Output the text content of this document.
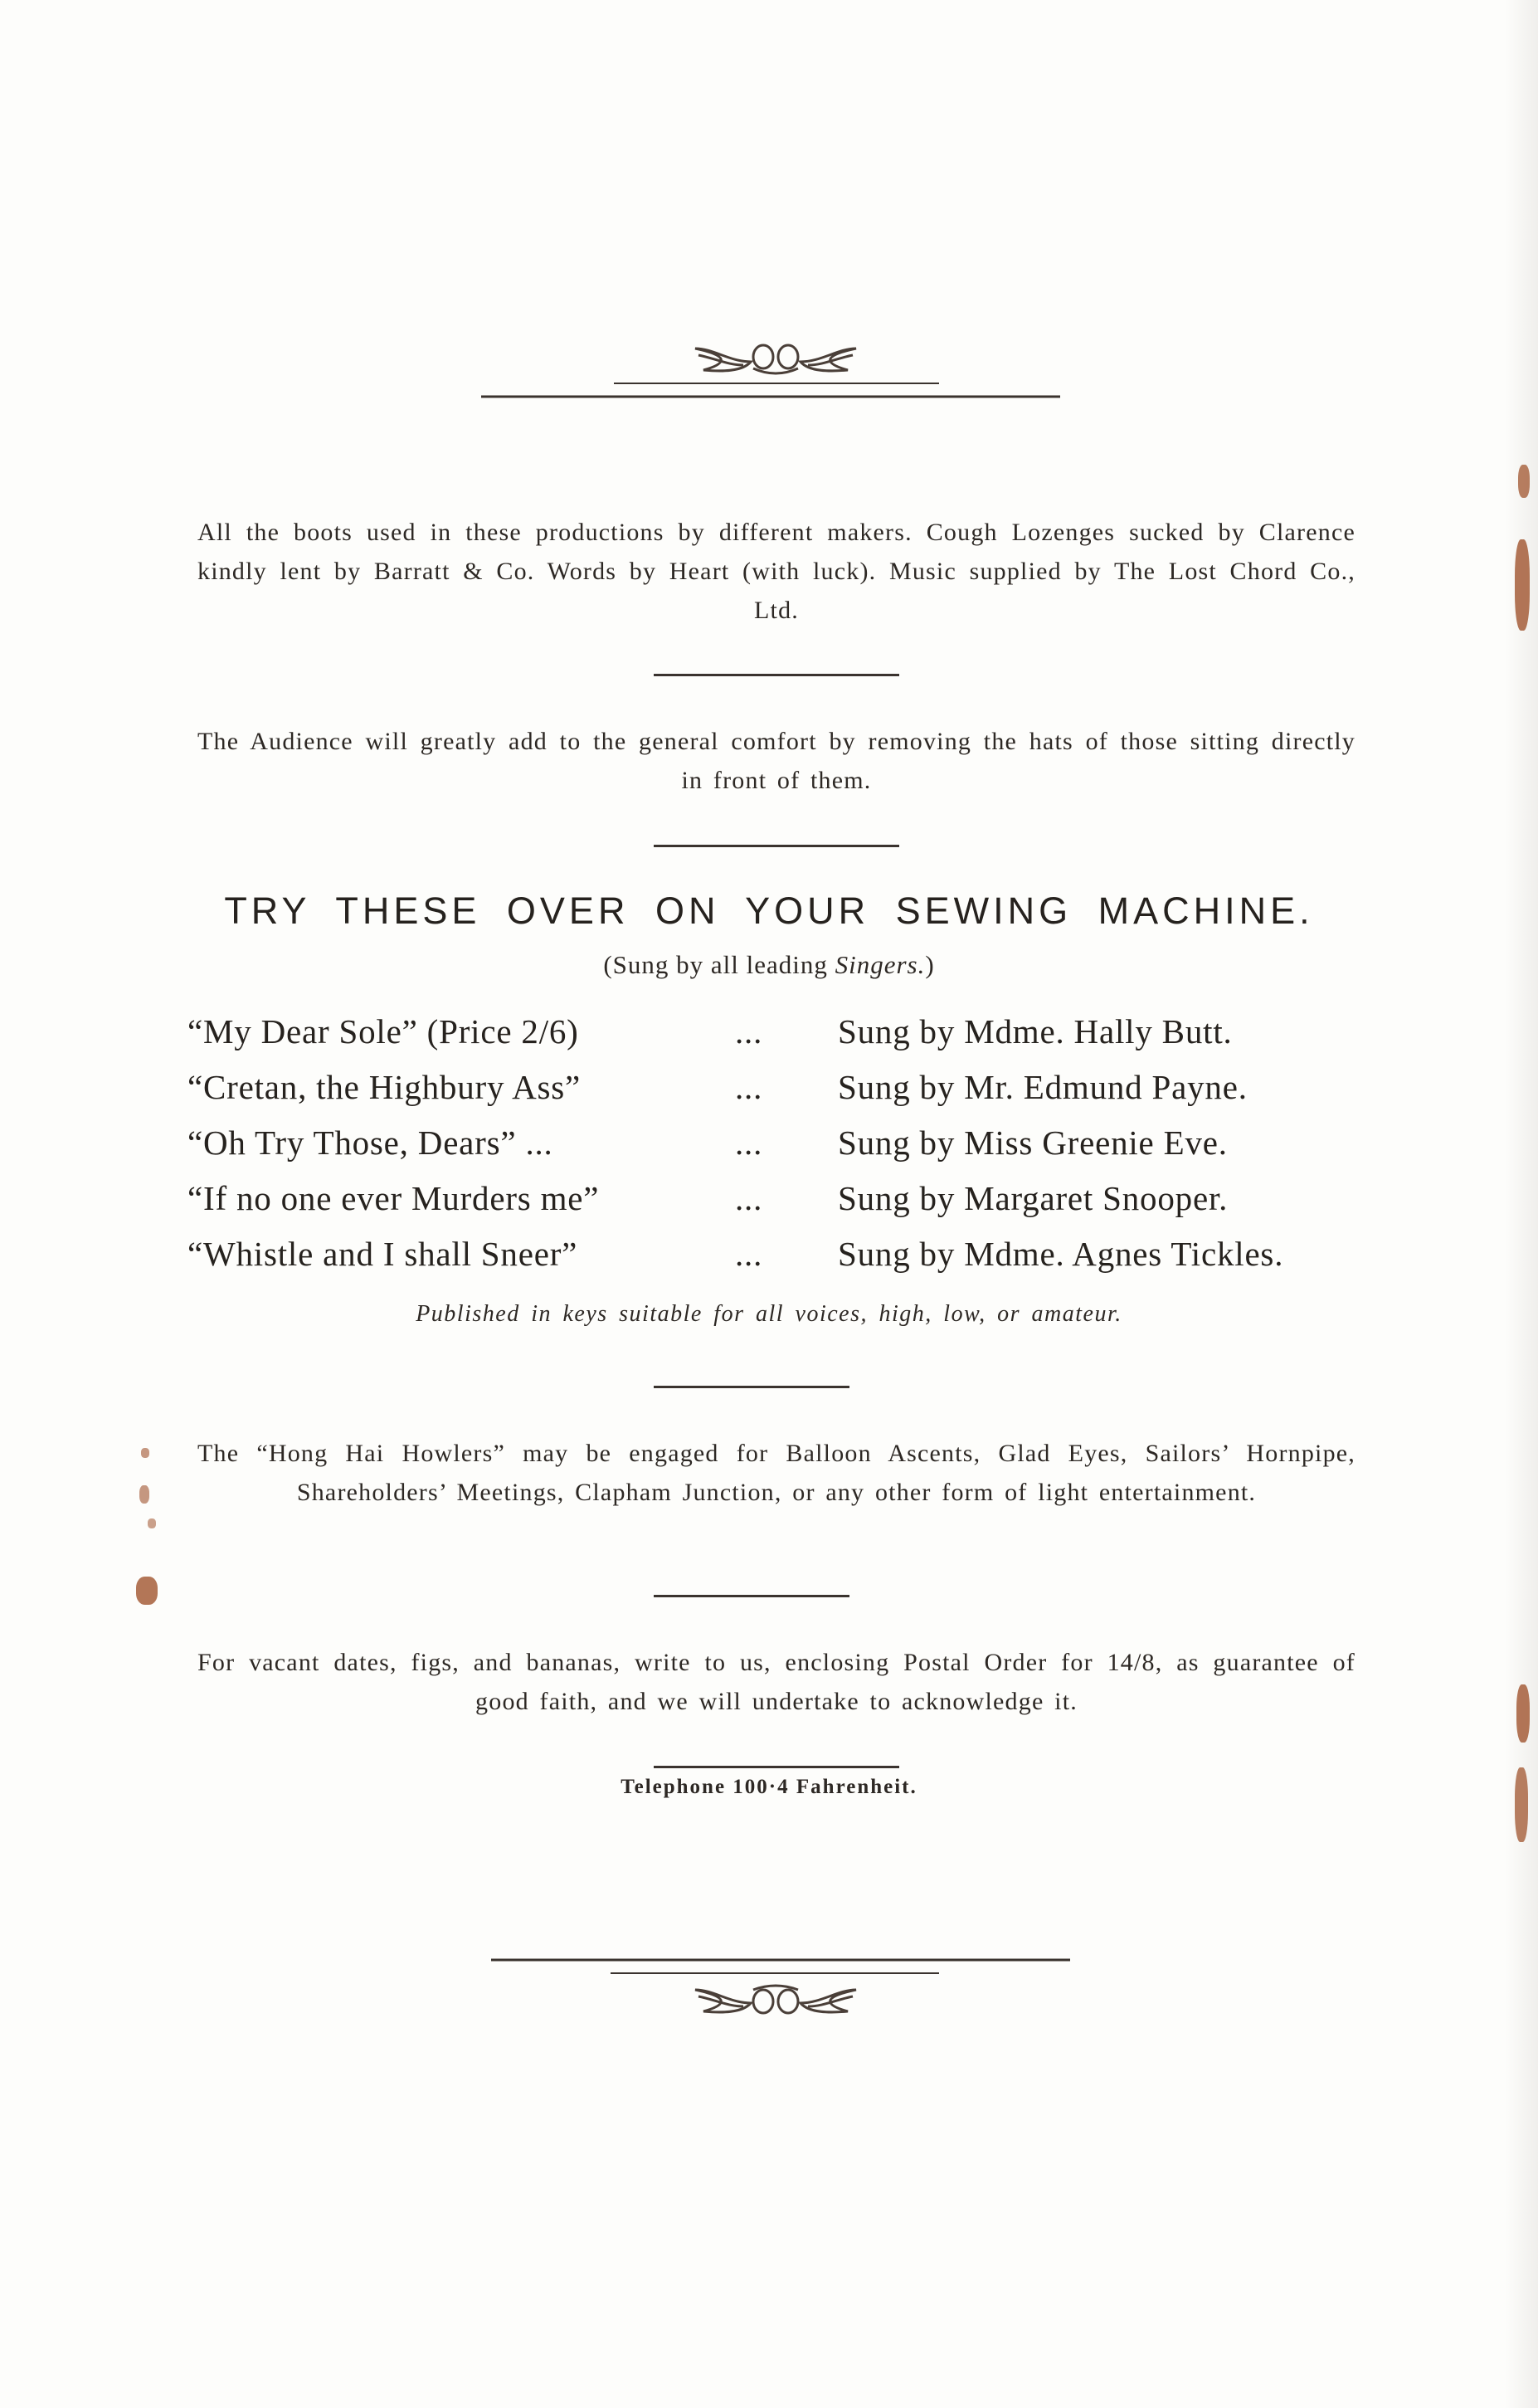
All the boots used in these productions by different makers. Cough Lozenges sucked by Clarence kindly lent by Barratt & Co. Words by Heart (with luck). Music supplied by The Lost Chord Co., Ltd.
The Audience will greatly add to the general comfort by removing the hats of those sitting directly in front of them.
TRY THESE OVER ON YOUR SEWING MACHINE.
(Sung by all leading Singers.)
“My Dear Sole” (Price 2/6)	... Sung by Mdme. Hally Butt.
“Cretan, the Highbury Ass”	... Sung by Mr. Edmund Payne.
“Oh Try Those, Dears” ...	... Sung by Miss Greenie Eve.
“If no one ever Murders me”	... Sung by Margaret Snooper.
“Whistle and I shall Sneer”	... Sung by Mdme. Agnes Tickles.
Published in keys suitable for all voices, high, low, or amateur.
The “Hong Hai Howlers” may be engaged for Balloon Ascents, Glad Eyes, Sailors’ Hornpipe, Shareholders’ Meetings, Clapham Junction, or any other form of light entertainment.
For vacant dates, figs, and bananas, write to us, enclosing Postal Order for 14/8, as guarantee of good faith, and we will undertake to acknowledge it.
Telephone 100·4 Fahrenheit.
